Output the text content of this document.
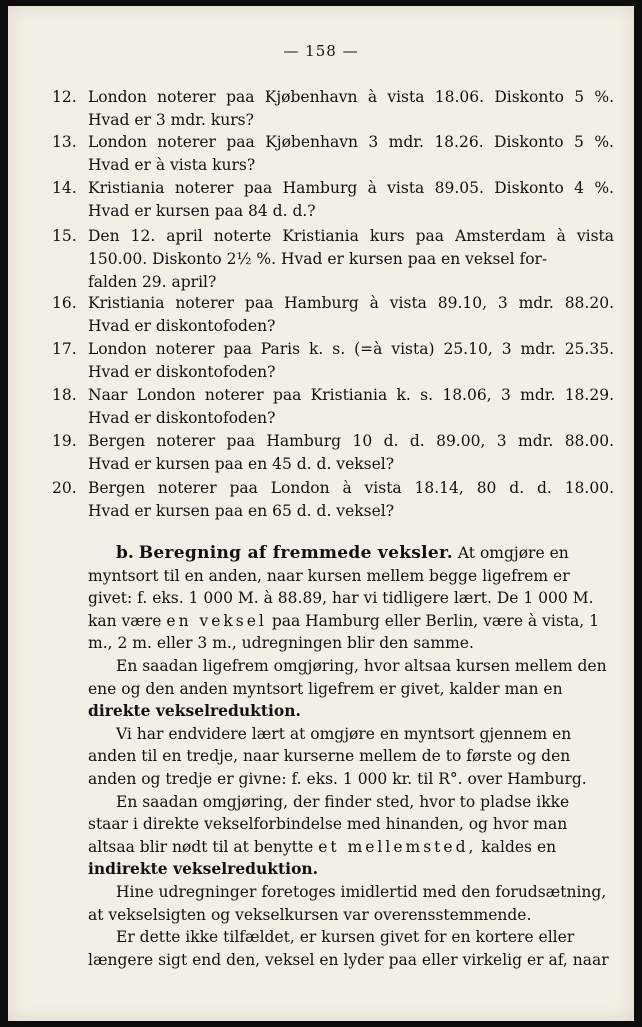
— 158 —
12. London noterer paa Kjøbenhavn à vista 18.06. Diskonto 5 %.
Hvad er 3 mdr. kurs?
13. London noterer paa Kjøbenhavn 3 mdr. 18.26. Diskonto 5 %.
Hvad er à vista kurs?
14. Kristiania noterer paa Hamburg à vista 89.05. Diskonto 4 %.
Hvad er kursen paa 84 d. d.?
15. Den 12. april noterte Kristiania kurs paa Amsterdam à vista
150.00. Diskonto 2½ %. Hvad er kursen paa en veksel for-
falden 29. april?
16. Kristiania noterer paa Hamburg à vista 89.10, 3 mdr. 88.20.
Hvad er diskontofoden?
17. London noterer paa Paris k. s. (=à vista) 25.10, 3 mdr. 25.35.
Hvad er diskontofoden?
18. Naar London noterer paa Kristiania k. s. 18.06, 3 mdr. 18.29.
Hvad er diskontofoden?
19. Bergen noterer paa Hamburg 10 d. d. 89.00, 3 mdr. 88.00.
Hvad er kursen paa en 45 d. d. veksel?
20. Bergen noterer paa London à vista 18.14, 80 d. d. 18.00.
Hvad er kursen paa en 65 d. d. veksel?

b. Beregning af fremmede veksler. At omgjøre en myntsort til en anden, naar kursen mellem begge ligefrem er givet: f. eks. 1 000 M. à 88.89, har vi tidligere lært. De 1 000 M. kan være en veksel paa Hamburg eller Berlin, være à vista, 1 m., 2 m. eller 3 m., udregningen blir den samme.

En saadan ligefrem omgjøring, hvor altsaa kursen mellem den ene og den anden myntsort ligefrem er givet, kalder man en direkte vekselreduktion.

Vi har endvidere lært at omgjøre en myntsort gjennem en anden til en tredje, naar kurserne mellem de to første og den anden og tredje er givne: f. eks. 1 000 kr. til R°. over Hamburg.

En saadan omgjøring, der finder sted, hvor to pladse ikke staar i direkte vekselforbindelse med hinanden, og hvor man altsaa blir nødt til at benytte et mellemsted, kaldes en indirekte vekselreduktion.

Hine udregninger foretoges imidlertid med den forudsætning, at vekselsigten og vekselkursen var overensstemmende.

Er dette ikke tilfældet, er kursen givet for en kortere eller længere sigt end den, veksel en lyder paa eller virkelig er af, naar
